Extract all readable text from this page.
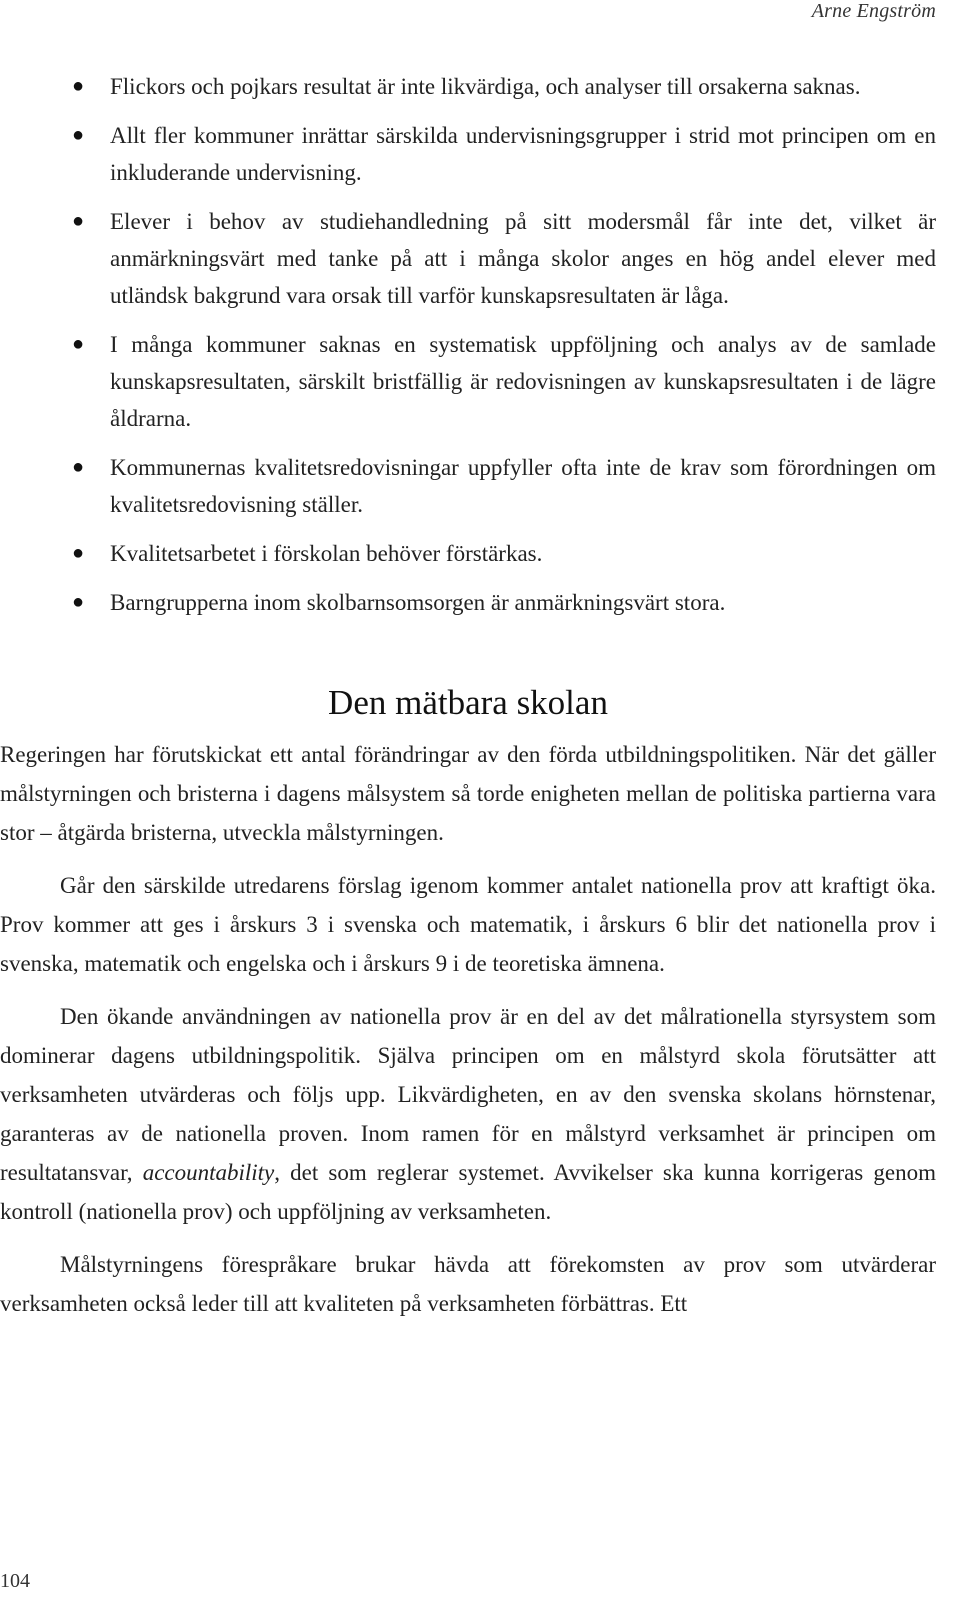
Arne Engström
● Flickors och pojkars resultat är inte likvärdiga, och analyser till orsakerna saknas.
● Allt fler kommuner inrättar särskilda undervisningsgrupper i strid mot principen om en inkluderande undervisning.
● Elever i behov av studiehandledning på sitt modersmål får inte det, vilket är anmärkningsvärt med tanke på att i många skolor anges en hög andel elever med utländsk bakgrund vara orsak till varför kunskapsresultaten är låga.
● I många kommuner saknas en systematisk uppföljning och analys av de samlade kunskapsresultaten, särskilt bristfällig är redovisningen av kunskapsresultaten i de lägre åldrarna.
● Kommunernas kvalitetsredovisningar uppfyller ofta inte de krav som förordningen om kvalitetsredovisning ställer.
● Kvalitetsarbetet i förskolan behöver förstärkas.
● Barngrupperna inom skolbarnsomsorgen är anmärkningsvärt stora.
Den mätbara skolan

Regeringen har förutskickat ett antal förändringar av den förda utbildningspolitiken. När det gäller målstyrningen och bristerna i dagens målsystem så torde enigheten mellan de politiska partierna vara stor – åtgärda bristerna, utveckla målstyrningen.

Går den särskilde utredarens förslag igenom kommer antalet nationella prov att kraftigt öka. Prov kommer att ges i årskurs 3 i svenska och matematik, i årskurs 6 blir det nationella prov i svenska, matematik och engelska och i årskurs 9 i de teoretiska ämnena.

Den ökande användningen av nationella prov är en del av det målrationella styrsystem som dominerar dagens utbildningspolitik. Själva principen om en målstyrd skola förutsätter att verksamheten utvärderas och följs upp. Likvärdigheten, en av den svenska skolans hörnstenar, garanteras av de nationella proven. Inom ramen för en målstyrd verksamhet är principen om resultatansvar, accountability, det som reglerar systemet. Avvikelser ska kunna korrigeras genom kontroll (nationella prov) och uppföljning av verksamheten.

Målstyrningens förespråkare brukar hävda att förekomsten av prov som utvärderar verksamheten också leder till att kvaliteten på verksamheten förbättras. Ett

104
